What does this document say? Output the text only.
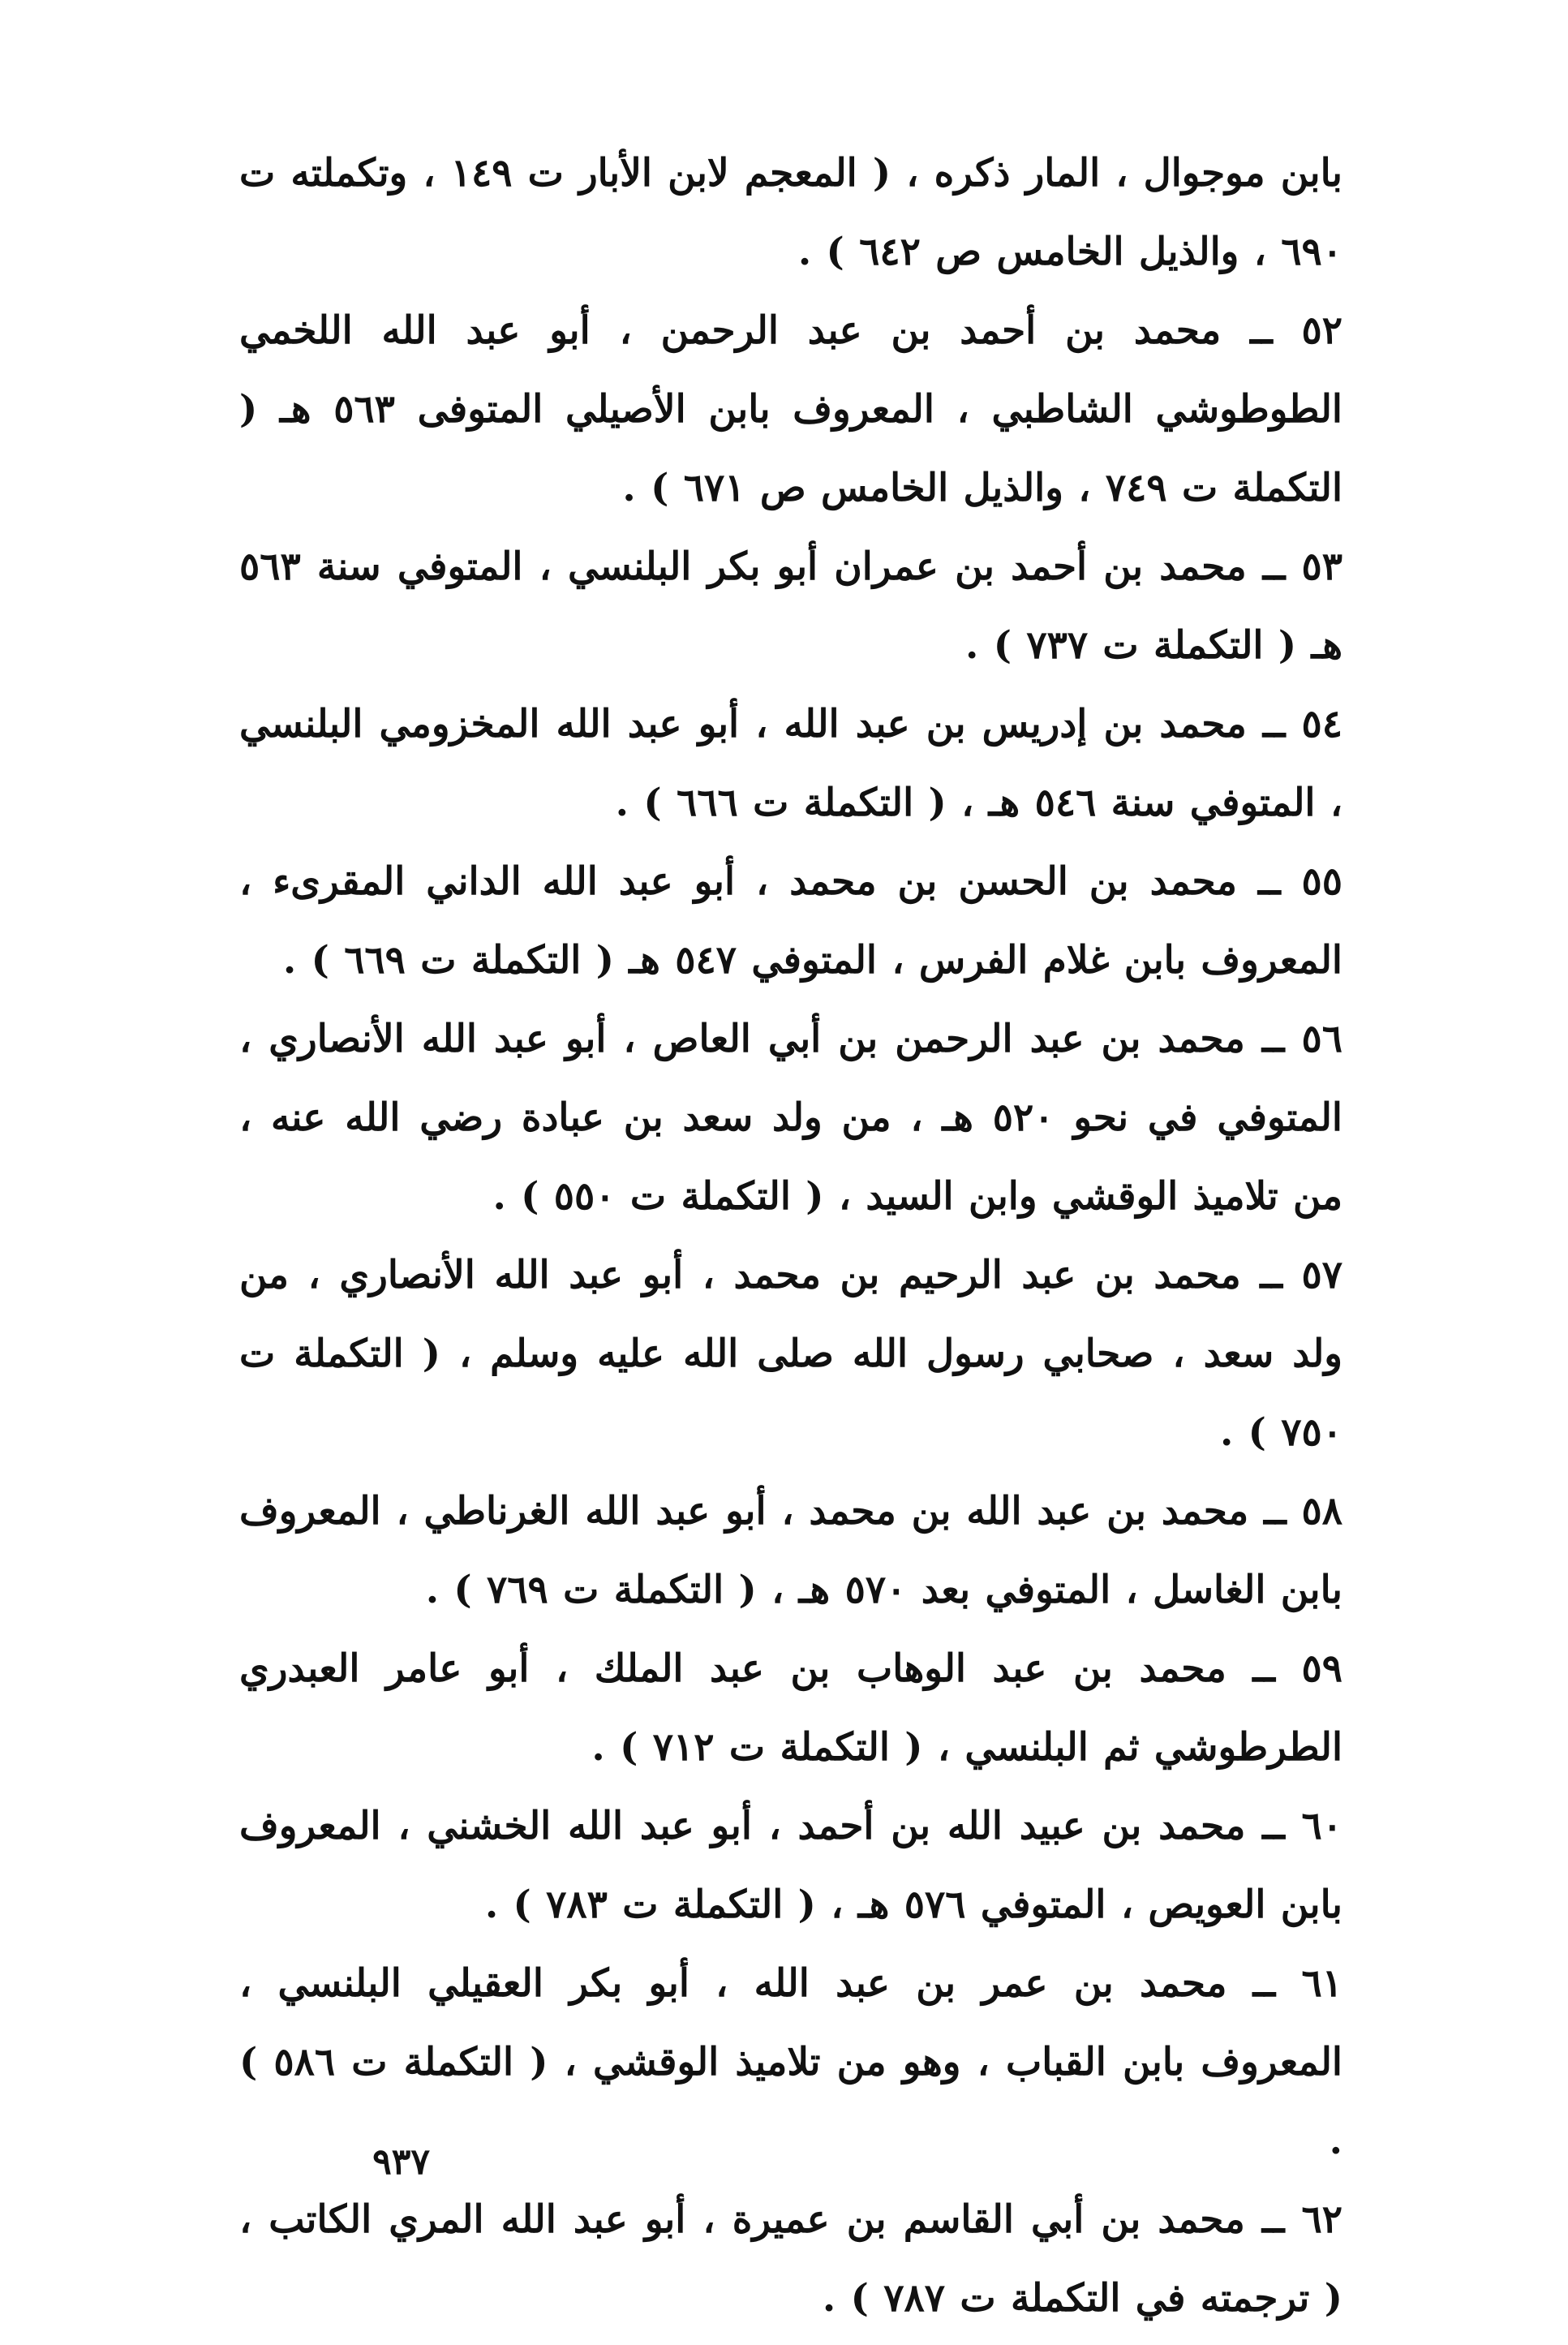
بابن موجوال ، المار ذكره ، ( المعجم لابن الأبار ت ١٤٩ ، وتكملته ت ٦٩٠ ، والذيل الخامس ص ٦٤٢ ) .

٥٢ ــ محمد بن أحمد بن عبد الرحمن ، أبو عبد الله اللخمي الطوطوشي الشاطبي ، المعروف بابن الأصيلي المتوفى ٥٦٣ هـ ( التكملة ت ٧٤٩ ، والذيل الخامس ص ٦٧١ ) .

٥٣ ــ محمد بن أحمد بن عمران أبو بكر البلنسي ، المتوفي سنة ٥٦٣ هـ ( التكملة ت ٧٣٧ ) .

٥٤ ــ محمد بن إدريس بن عبد الله ، أبو عبد الله المخزومي البلنسي ، المتوفي سنة ٥٤٦ هـ ، ( التكملة ت ٦٦٦ ) .

٥٥ ــ محمد بن الحسن بن محمد ، أبو عبد الله الداني المقرىء ، المعروف بابن غلام الفرس ، المتوفي ٥٤٧ هـ ( التكملة ت ٦٦٩ ) .

٥٦ ــ محمد بن عبد الرحمن بن أبي العاص ، أبو عبد الله الأنصاري ، المتوفي في نحو ٥٢٠ هـ ، من ولد سعد بن عبادة رضي الله عنه ، من تلاميذ الوقشي وابن السيد ، ( التكملة ت ٥٥٠ ) .

٥٧ ــ محمد بن عبد الرحيم بن محمد ، أبو عبد الله الأنصاري ، من ولد سعد ، صحابي رسول الله صلى الله عليه وسلم ، ( التكملة ت ٧٥٠ ) .

٥٨ ــ محمد بن عبد الله بن محمد ، أبو عبد الله الغرناطي ، المعروف بابن الغاسل ، المتوفي بعد ٥٧٠ هـ ، ( التكملة ت ٧٦٩ ) .

٥٩ ــ محمد بن عبد الوهاب بن عبد الملك ، أبو عامر العبدري الطرطوشي ثم البلنسي ، ( التكملة ت ٧١٢ ) .

٦٠ ــ محمد بن عبيد الله بن أحمد ، أبو عبد الله الخشني ، المعروف بابن العويص ، المتوفي ٥٧٦ هـ ، ( التكملة ت ٧٨٣ ) .

٦١ ــ محمد بن عمر بن عبد الله ، أبو بكر العقيلي البلنسي ، المعروف بابن القباب ، وهو من تلاميذ الوقشي ، ( التكملة ت ٥٨٦ ) .

٦٢ ــ محمد بن أبي القاسم بن عميرة ، أبو عبد الله المري الكاتب ، ( ترجمته في التكملة ت ٧٨٧ ) .

٩٣٧
